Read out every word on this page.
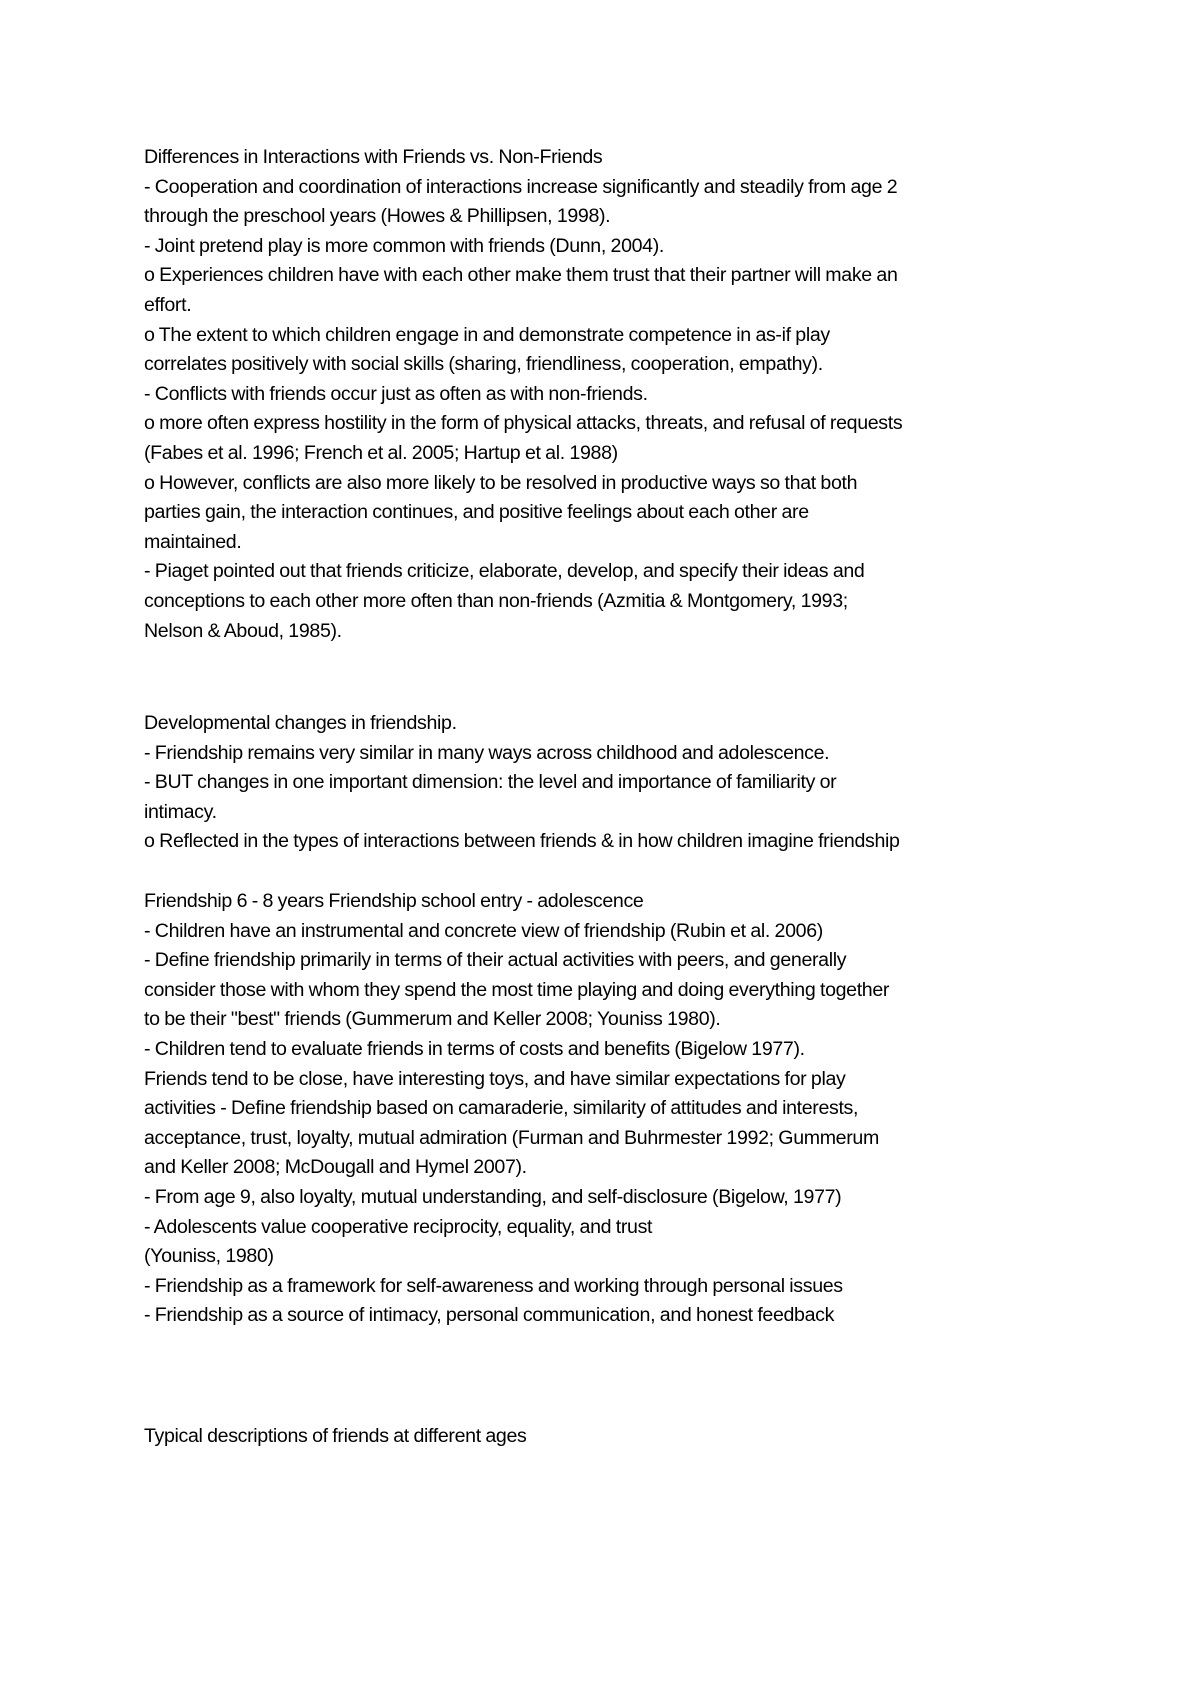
Differences in Interactions with Friends vs. Non-Friends

- Cooperation and coordination of interactions increase significantly and steadily from age 2

through the preschool years (Howes & Phillipsen, 1998).

- Joint pretend play is more common with friends (Dunn, 2004).

o Experiences children have with each other make them trust that their partner will make an

effort.

o The extent to which children engage in and demonstrate competence in as-if play

correlates positively with social skills (sharing, friendliness, cooperation, empathy).

- Conflicts with friends occur just as often as with non-friends.

o more often express hostility in the form of physical attacks, threats, and refusal of requests

(Fabes et al. 1996; French et al. 2005; Hartup et al. 1988)

o However, conflicts are also more likely to be resolved in productive ways so that both

parties gain, the interaction continues, and positive feelings about each other are

maintained.

- Piaget pointed out that friends criticize, elaborate, develop, and specify their ideas and

conceptions to each other more often than non-friends (Azmitia & Montgomery, 1993;

Nelson & Aboud, 1985).

Developmental changes in friendship.

- Friendship remains very similar in many ways across childhood and adolescence.

- BUT changes in one important dimension: the level and importance of familiarity or

intimacy.

o Reflected in the types of interactions between friends & in how children imagine friendship

Friendship 6 - 8 years Friendship school entry - adolescence

- Children have an instrumental and concrete view of friendship (Rubin et al. 2006)

- Define friendship primarily in terms of their actual activities with peers, and generally

consider those with whom they spend the most time playing and doing everything together

to be their "best" friends (Gummerum and Keller 2008; Youniss 1980).

- Children tend to evaluate friends in terms of costs and benefits (Bigelow 1977).

Friends tend to be close, have interesting toys, and have similar expectations for play

activities - Define friendship based on camaraderie, similarity of attitudes and interests,

acceptance, trust, loyalty, mutual admiration (Furman and Buhrmester 1992; Gummerum

and Keller 2008; McDougall and Hymel 2007).

- From age 9, also loyalty, mutual understanding, and self-disclosure (Bigelow, 1977)

- Adolescents value cooperative reciprocity, equality, and trust

(Youniss, 1980)

- Friendship as a framework for self-awareness and working through personal issues

- Friendship as a source of intimacy, personal communication, and honest feedback

Typical descriptions of friends at different ages
